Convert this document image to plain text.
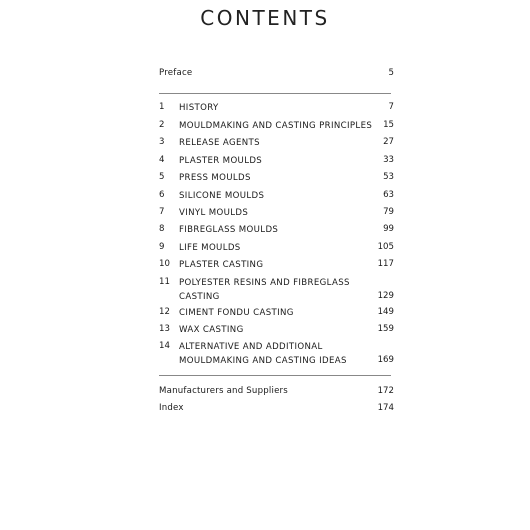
CONTENTS
Preface	5
1 HISTORY	7
2 MOULDMAKING AND CASTING PRINCIPLES 15
3 RELEASE AGENTS	27
4 PLASTER MOULDS	33
5 PRESS MOULDS	53
6 SILICONE MOULDS	63
7 VINYL MOULDS	79
8 FIBREGLASS MOULDS	99
9 LIFE MOULDS	105
10 PLASTER CASTING	117
11 POLYESTER RESINS AND FIBREGLASS
CASTING	129
12 CIMENT FONDU CASTING	149
13 WAX CASTING	159
14 ALTERNATIVE AND ADDITIONAL
MOULDMAKING AND CASTING IDEAS	169
Manufacturers and Suppliers	172
Index	174
